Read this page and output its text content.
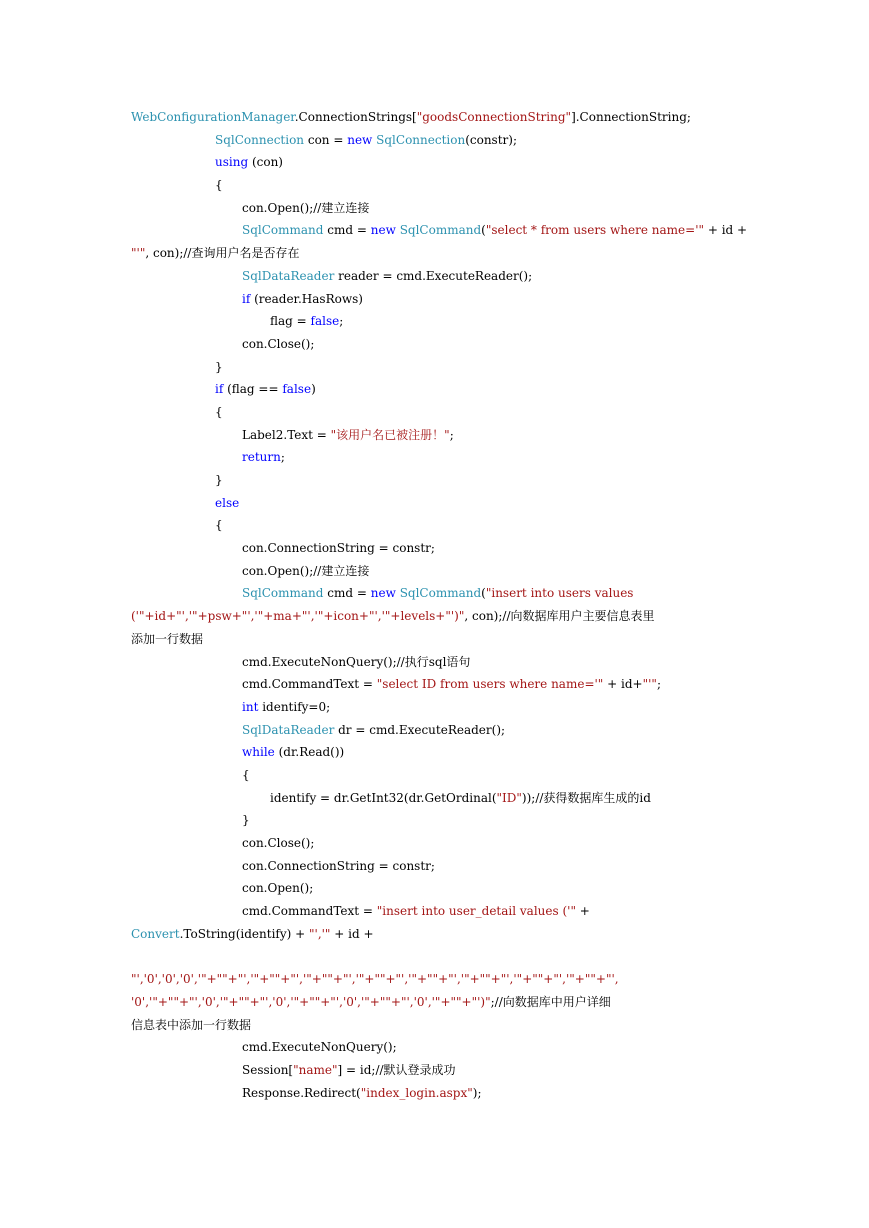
WebConfigurationManager.ConnectionStrings["goodsConnectionString"].ConnectionString;
SqlConnection con = new SqlConnection(constr);
using (con)
{
con.Open();//建立连接
SqlCommand cmd = new SqlCommand("select * from users where name='" + id +
"'", con);//查询用户名是否存在
SqlDataReader reader = cmd.ExecuteReader();
if (reader.HasRows)
flag = false;
con.Close();
}
if (flag == false)
{
Label2.Text = "该用户名已被注册！";
return;
}
else
{
con.ConnectionString = constr;
con.Open();//建立连接
SqlCommand cmd = new SqlCommand("insert into users values
('"+id+"','"+psw+"','"+ma+"','"+icon+"','"+levels+"')", con);//向数据库用户主要信息表里
添加一行数据
cmd.ExecuteNonQuery();//执行sql语句
cmd.CommandText = "select ID from users where name='" + id+"'";
int identify=0;
SqlDataReader dr = cmd.ExecuteReader();
while (dr.Read())
{
identify = dr.GetInt32(dr.GetOrdinal("ID"));//获得数据库生成的id
}
con.Close();
con.ConnectionString = constr;
con.Open();
cmd.CommandText = "insert into user_detail values ('" +
Convert.ToString(identify) + "','" + id +
"','0','0','0','"+""+"','"+""+"','"+""+"','"+""+"','"+""+"','"+""+"','"+""+"','"+""+"',
'0','"+""+"','0','"+""+"','0','"+""+"','0','"+""+"','0','"+""+"')";//向数据库中用户详细
信息表中添加一行数据
cmd.ExecuteNonQuery();
Session["name"] = id;//默认登录成功
Response.Redirect("index_login.aspx");
